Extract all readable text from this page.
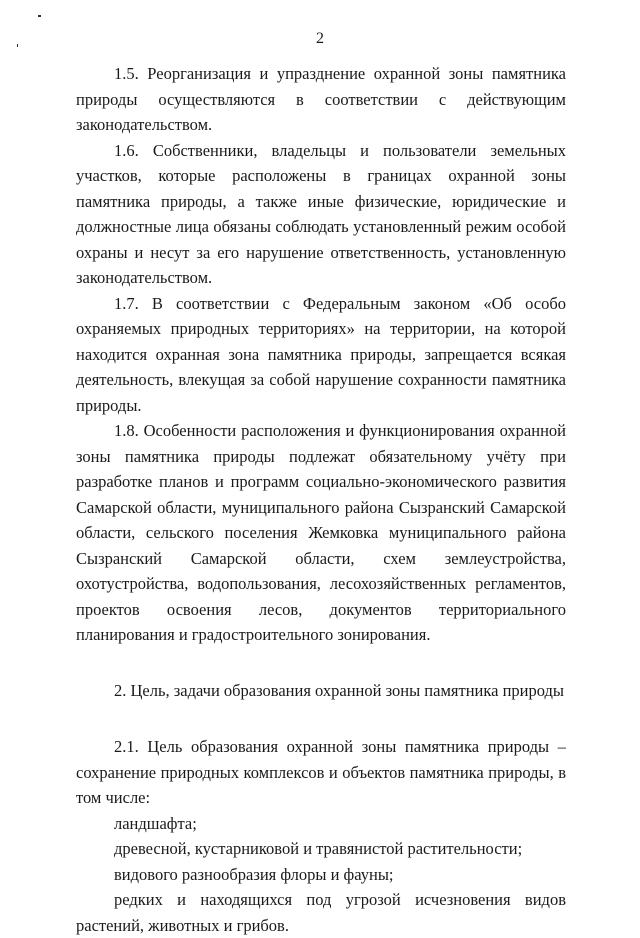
2

1.5. Реорганизация и упразднение охранной зоны памятника природы осуществляются в соответствии с действующим законодательством.

1.6. Собственники, владельцы и пользователи земельных участков, которые расположены в границах охранной зоны памятника природы, а также иные физические, юридические и должностные лица обязаны соблюдать установленный режим особой охраны и несут за его нарушение ответственность, установленную законодательством.

1.7. В соответствии с Федеральным законом «Об особо охраняемых природных территориях» на территории, на которой находится охранная зона памятника природы, запрещается всякая деятельность, влекущая за собой нарушение сохранности памятника природы.

1.8. Особенности расположения и функционирования охранной зоны памятника природы подлежат обязательному учёту при разработке планов и программ социально-экономического развития Самарской области, муниципального района Сызранский Самарской области, сельского поселения Жемковка муниципального района Сызранский Самарской области, схем землеустройства, охотустройства, водопользования, лесохозяйственных регламентов, проектов освоения лесов, документов территориального планирования и градостроительного зонирования.

2. Цель, задачи образования охранной зоны памятника природы

2.1. Цель образования охранной зоны памятника природы – сохранение природных комплексов и объектов памятника природы, в том числе:

ландшафта;

древесной, кустарниковой и травянистой растительности;

видового разнообразия флоры и фауны;

редких и находящихся под угрозой исчезновения видов растений, животных и грибов.
